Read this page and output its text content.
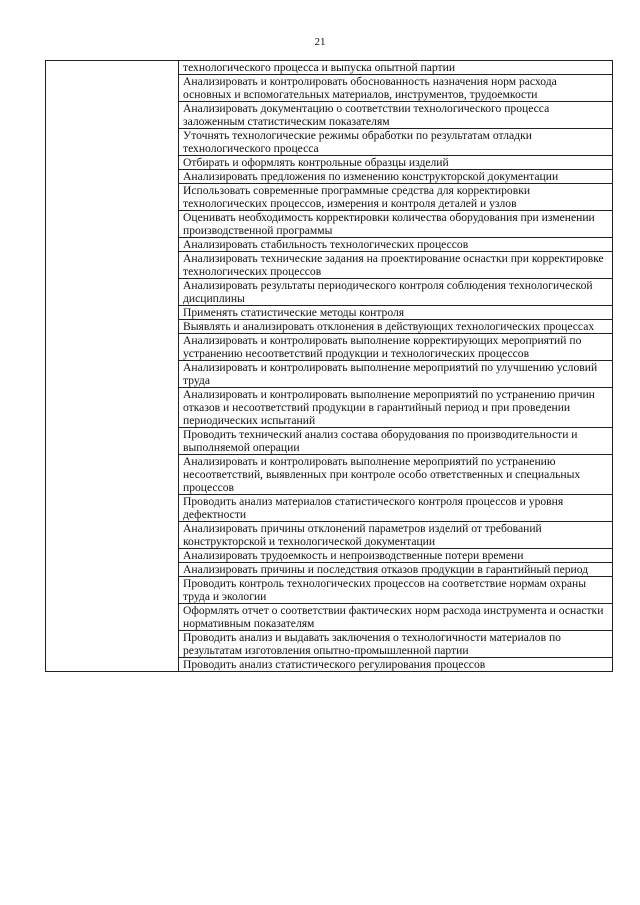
21
	технологического процесса и выпуска опытной партии
Анализировать и контролировать обоснованность назначения норм расхода основных и вспомогательных материалов, инструментов, трудоемкости
Анализировать документацию о соответствии технологического процесса заложенным статистическим показателям
Уточнять технологические режимы обработки по результатам отладки технологического процесса
Отбирать и оформлять контрольные образцы изделий
Анализировать предложения по изменению конструкторской документации
Использовать современные программные средства для корректировки технологических процессов, измерения и контроля деталей и узлов
Оценивать необходимость корректировки количества оборудования при изменении производственной программы
Анализировать стабильность технологических процессов
Анализировать технические задания на проектирование оснастки при корректировке технологических процессов
Анализировать результаты периодического контроля соблюдения технологической дисциплины
Применять статистические методы контроля
Выявлять и анализировать отклонения в действующих технологических процессах
Анализировать и контролировать выполнение корректирующих мероприятий по устранению несоответствий продукции и технологических процессов
Анализировать и контролировать выполнение мероприятий по улучшению условий труда
Анализировать и контролировать выполнение мероприятий по устранению причин отказов и несоответствий продукции в гарантийный период и при проведении периодических испытаний
Проводить технический анализ состава оборудования по производительности и выполняемой операции
Анализировать и контролировать выполнение мероприятий по устранению несоответствий, выявленных при контроле особо ответственных и специальных процессов
Проводить анализ материалов статистического контроля процессов и уровня дефектности
Анализировать причины отклонений параметров изделий от требований конструкторской и технологической документации
Анализировать трудоемкость и непроизводственные потери времени
Анализировать причины и последствия отказов продукции в гарантийный период
Проводить контроль технологических процессов на соответствие нормам охраны труда и экологии
Оформлять отчет о соответствии фактических норм расхода инструмента и оснастки нормативным показателям
Проводить анализ и выдавать заключения о технологичности материалов по результатам изготовления опытно-промышленной партии
Проводить анализ статистического регулирования процессов
